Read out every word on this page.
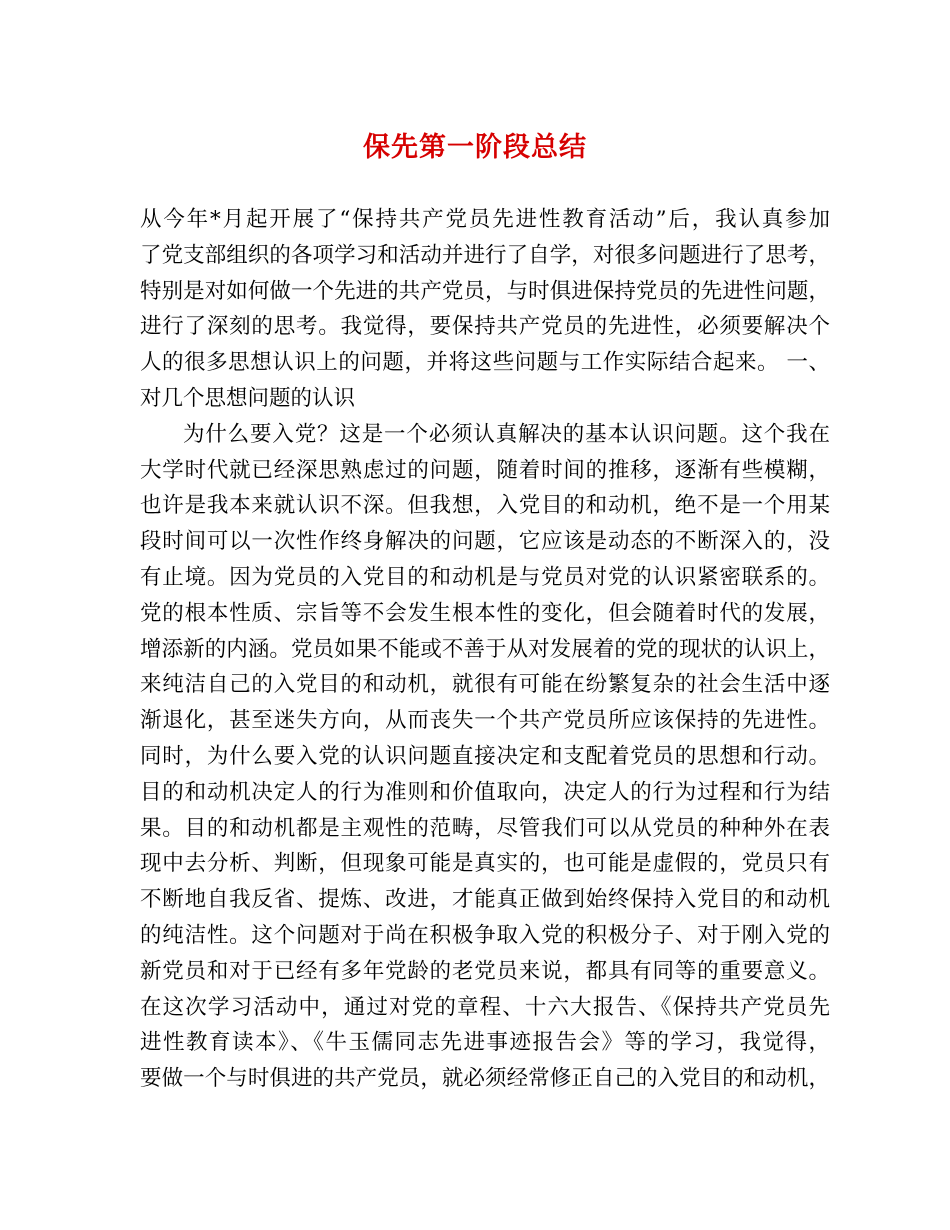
保先第一阶段总结
从今年*月起开展了“保持共产党员先进性教育活动”后，我认真参加
了党支部组织的各项学习和活动并进行了自学，对很多问题进行了思考，
特别是对如何做一个先进的共产党员，与时俱进保持党员的先进性问题，
进行了深刻的思考。我觉得，要保持共产党员的先进性，必须要解决个
人的很多思想认识上的问题，并将这些问题与工作实际结合起来。 一、
对几个思想问题的认识
为什么要入党？这是一个必须认真解决的基本认识问题。这个我在
大学时代就已经深思熟虑过的问题，随着时间的推移，逐渐有些模糊，
也许是我本来就认识不深。但我想，入党目的和动机，绝不是一个用某
段时间可以一次性作终身解决的问题，它应该是动态的不断深入的，没
有止境。因为党员的入党目的和动机是与党员对党的认识紧密联系的。
党的根本性质、宗旨等不会发生根本性的变化，但会随着时代的发展，
增添新的内涵。党员如果不能或不善于从对发展着的党的现状的认识上，
来纯洁自己的入党目的和动机，就很有可能在纷繁复杂的社会生活中逐
渐退化，甚至迷失方向，从而丧失一个共产党员所应该保持的先进性。
同时，为什么要入党的认识问题直接决定和支配着党员的思想和行动。
目的和动机决定人的行为准则和价值取向，决定人的行为过程和行为结
果。目的和动机都是主观性的范畴，尽管我们可以从党员的种种外在表
现中去分析、判断，但现象可能是真实的，也可能是虚假的，党员只有
不断地自我反省、提炼、改进，才能真正做到始终保持入党目的和动机
的纯洁性。这个问题对于尚在积极争取入党的积极分子、对于刚入党的
新党员和对于已经有多年党龄的老党员来说，都具有同等的重要意义。
在这次学习活动中，通过对党的章程、十六大报告、《保持共产党员先
进性教育读本》、《牛玉儒同志先进事迹报告会》等的学习，我觉得，
要做一个与时俱进的共产党员，就必须经常修正自己的入党目的和动机，
